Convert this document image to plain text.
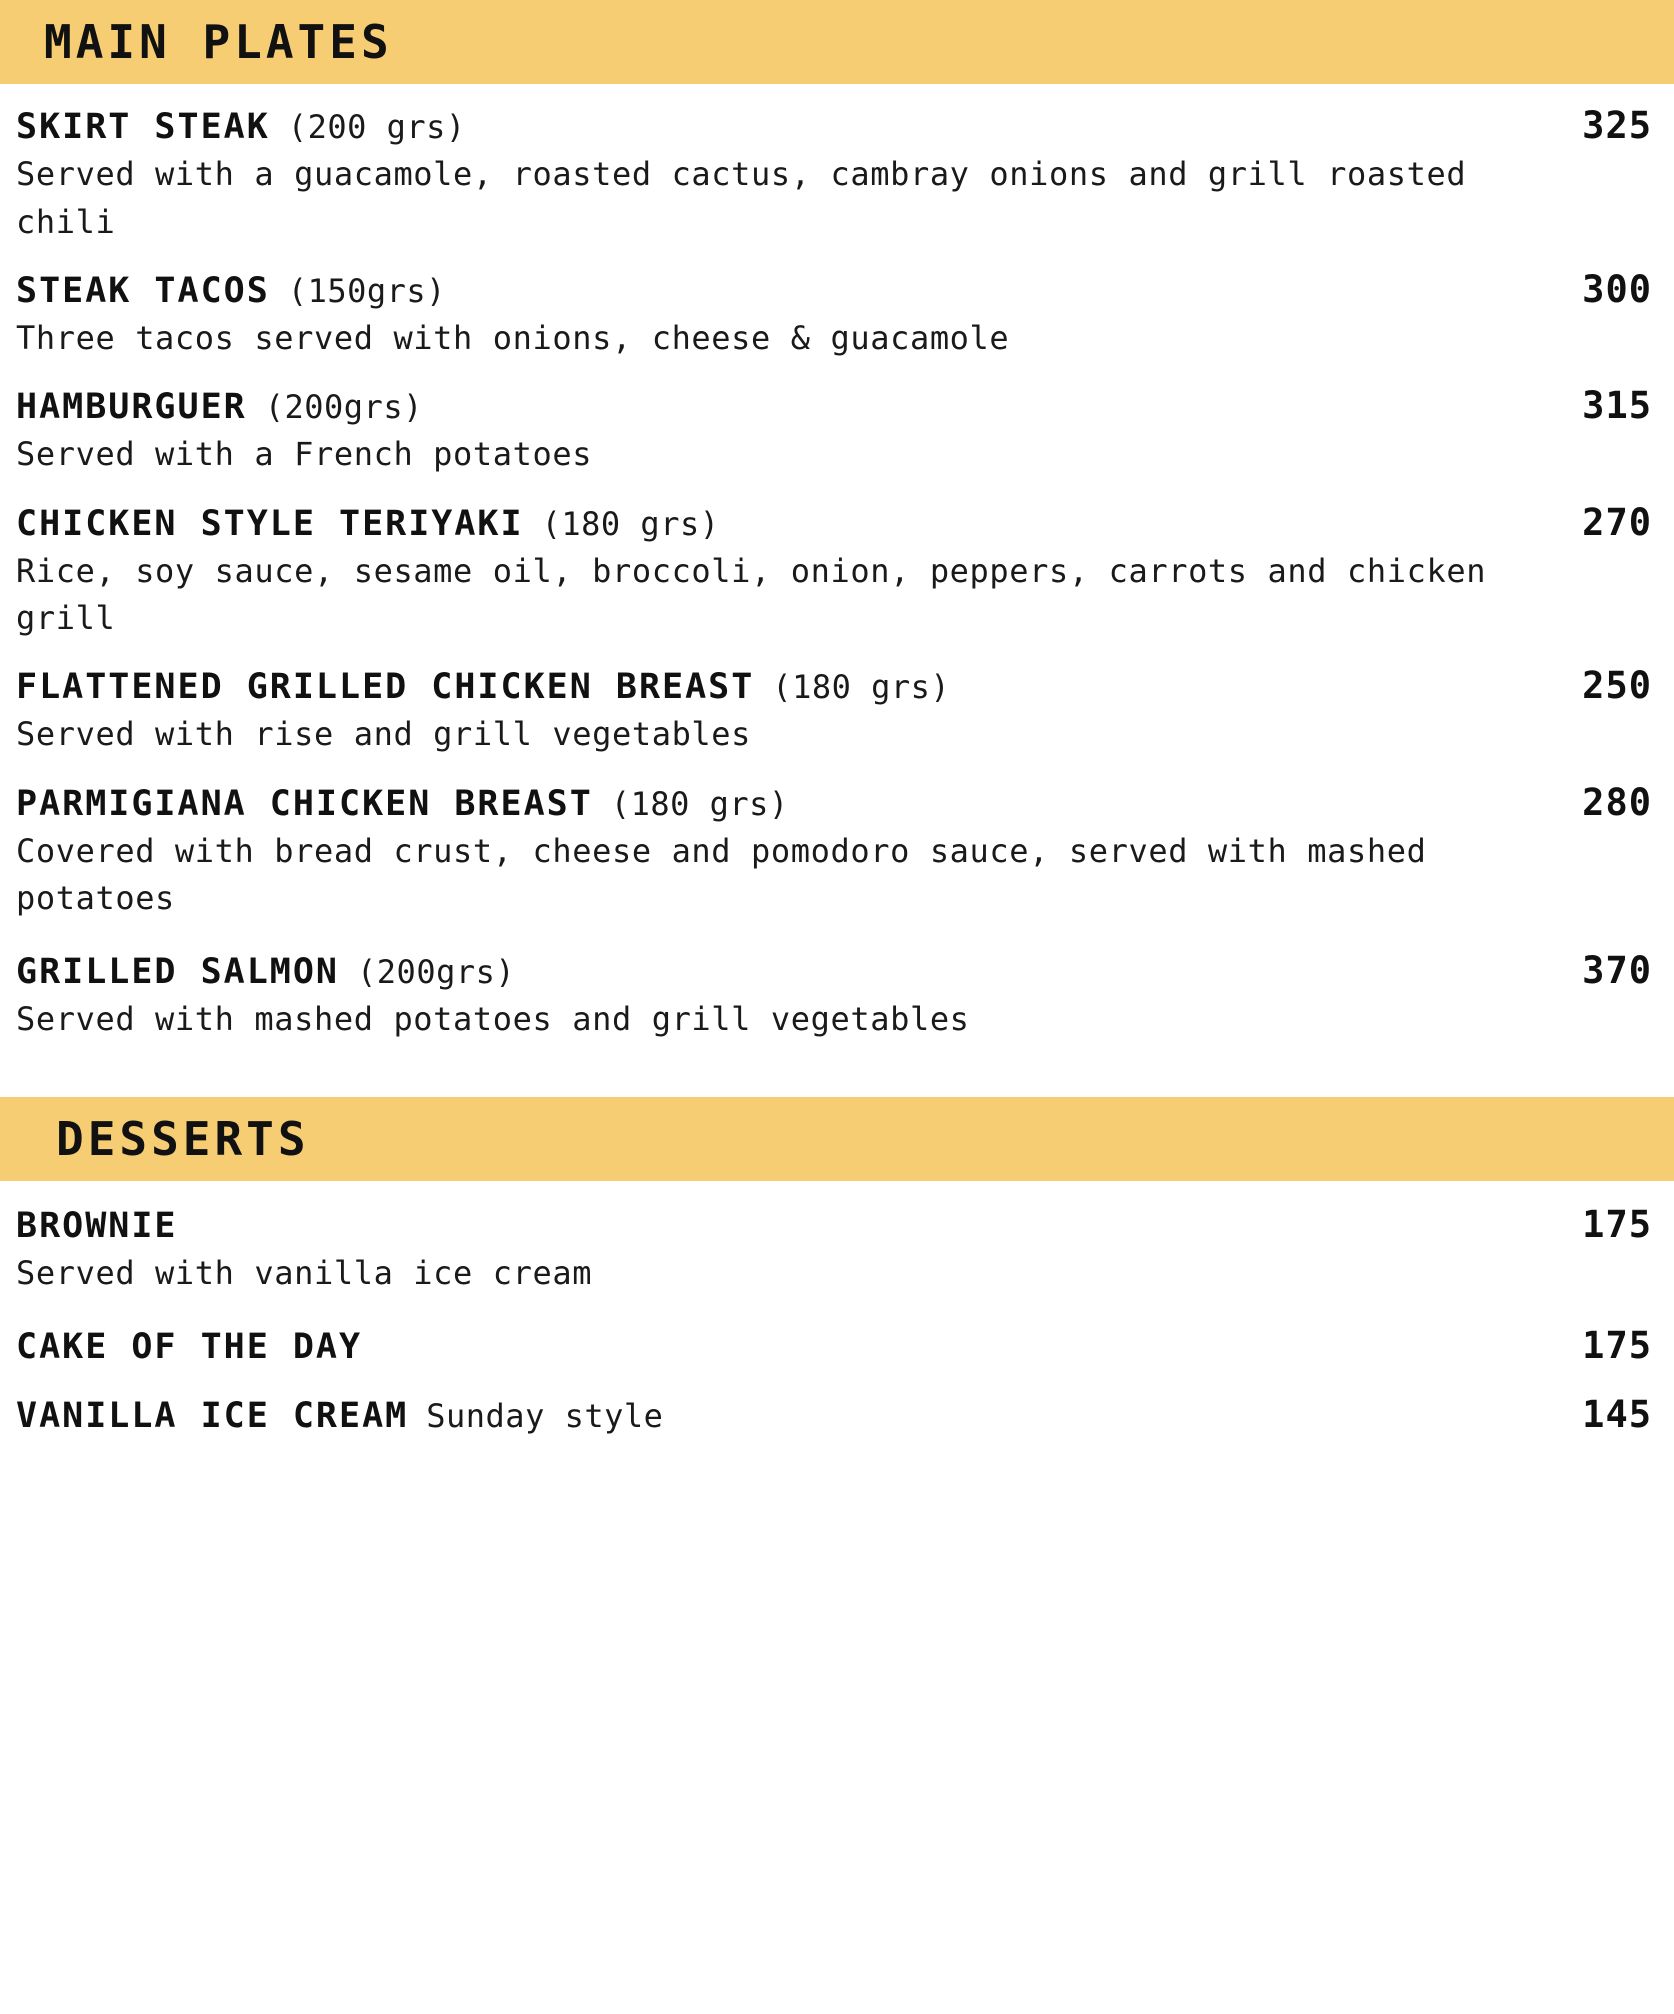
MAIN PLATES
SKIRT STEAK (200 grs)	325
Served with a guacamole, roasted cactus, cambray onions and grill roasted chili
STEAK TACOS (150grs)	300
Three tacos served with onions, cheese & guacamole
HAMBURGUER (200grs)	315
Served with a French potatoes
CHICKEN STYLE TERIYAKI (180 grs)	270
Rice, soy sauce, sesame oil, broccoli, onion, peppers, carrots and chicken grill
FLATTENED GRILLED CHICKEN BREAST (180 grs)	250
Served with rise and grill vegetables
PARMIGIANA CHICKEN BREAST (180 grs)	280
Covered with bread crust, cheese and pomodoro sauce, served with mashed potatoes
GRILLED SALMON (200grs)	370
Served with mashed potatoes and grill vegetables
DESSERTS
BROWNIE	175
Served with vanilla ice cream
CAKE OF THE DAY	175
VANILLA ICE CREAM Sunday style	145
